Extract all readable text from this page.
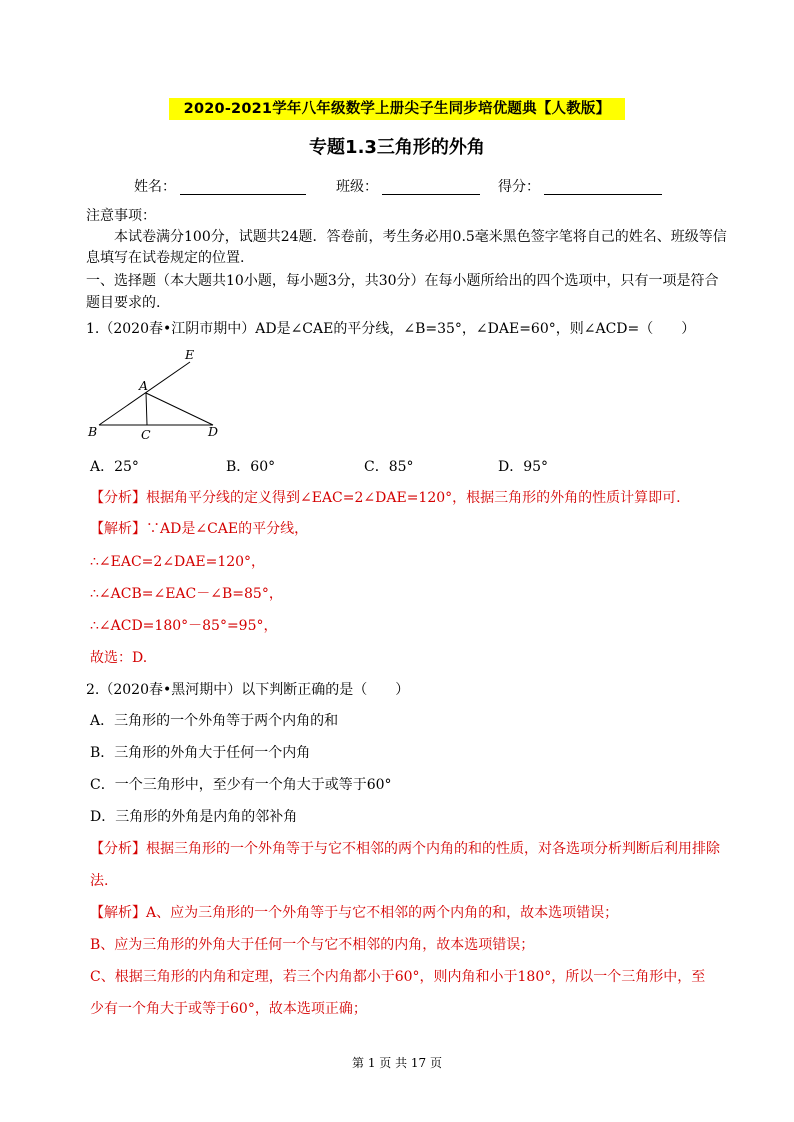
2020-2021学年八年级数学上册尖子生同步培优题典【人教版】
专题1.3三角形的外角
姓名：	班级：	得分：
注意事项：
本试卷满分100分，试题共24题．答卷前，考生务必用0.5毫米黑色签字笔将自己的姓名、班级等信
息填写在试卷规定的位置.
一、选择题（本大题共10小题，每小题3分，共30分）在每小题所给出的四个选项中，只有一项是符合
题目要求的.
1.（2020春•江阴市期中）AD是∠CAE的平分线，∠B=35°，∠DAE=60°，则∠ACD=（　　）
E
A
B	C	D
A．25°	B．60°	C．85°	D．95°
【分析】根据角平分线的定义得到∠EAC=2∠DAE=120°，根据三角形的外角的性质计算即可.
【解析】∵AD是∠CAE的平分线，
∴∠EAC=2∠DAE=120°，
∴∠ACB=∠EAC－∠B=85°，
∴∠ACD=180°－85°=95°，
故选：D.
2.（2020春•黑河期中）以下判断正确的是（　　）
A．三角形的一个外角等于两个内角的和
B．三角形的外角大于任何一个内角
C．一个三角形中，至少有一个角大于或等于60°
D．三角形的外角是内角的邻补角
【分析】根据三角形的一个外角等于与它不相邻的两个内角的和的性质，对各选项分析判断后利用排除
法.
【解析】A、应为三角形的一个外角等于与它不相邻的两个内角的和，故本选项错误；
B、应为三角形的外角大于任何一个与它不相邻的内角，故本选项错误；
C、根据三角形的内角和定理，若三个内角都小于60°，则内角和小于180°，所以一个三角形中，至
少有一个角大于或等于60°，故本选项正确；
第 1 页 共 17 页
